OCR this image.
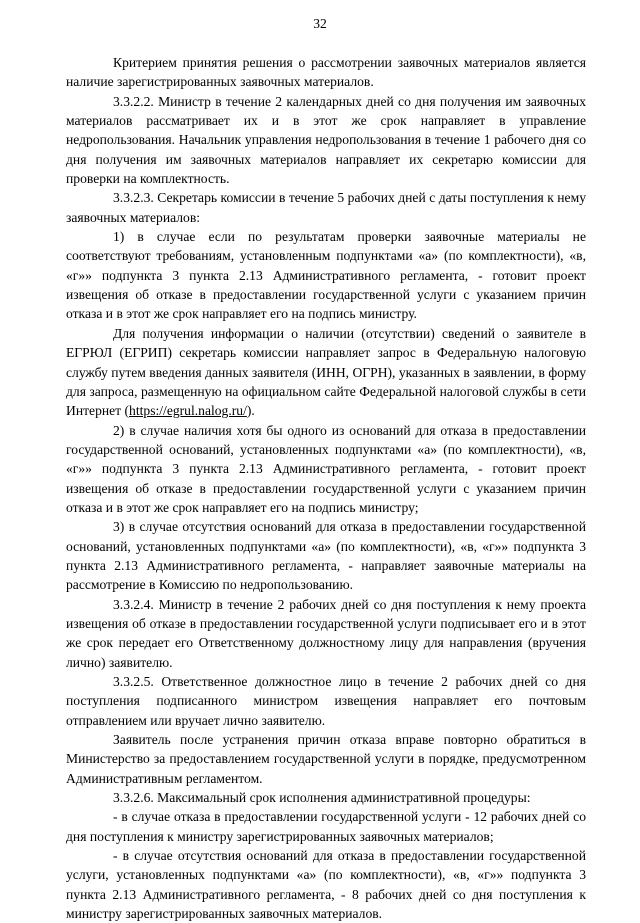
32

Критерием принятия решения о рассмотрении заявочных материалов является наличие зарегистрированных заявочных материалов.

3.3.2.2. Министр в течение 2 календарных дней со дня получения им заявочных материалов рассматривает их и в этот же срок направляет в управление недропользования. Начальник управления недропользования в течение 1 рабочего дня со дня получения им заявочных материалов направляет их секретарю комиссии для проверки на комплектность.

3.3.2.3. Секретарь комиссии в течение 5 рабочих дней с даты поступления к нему заявочных материалов:

1) в случае если по результатам проверки заявочные материалы не соответствуют требованиям, установленным подпунктами «а» (по комплектности), «в, «г»» подпункта 3 пункта 2.13 Административного регламента, - готовит проект извещения об отказе в предоставлении государственной услуги с указанием причин отказа и в этот же срок направляет его на подпись министру.

Для получения информации о наличии (отсутствии) сведений о заявителе в ЕГРЮЛ (ЕГРИП) секретарь комиссии направляет запрос в Федеральную налоговую службу путем введения данных заявителя (ИНН, ОГРН), указанных в заявлении, в форму для запроса, размещенную на официальном сайте Федеральной налоговой службы в сети Интернет (https://egrul.nalog.ru/).

2) в случае наличия хотя бы одного из оснований для отказа в предоставлении государственной оснований, установленных подпунктами «а» (по комплектности), «в, «г»» подпункта 3 пункта 2.13 Административного регламента, - готовит проект извещения об отказе в предоставлении государственной услуги с указанием причин отказа и в этот же срок направляет его на подпись министру;

3) в случае отсутствия оснований для отказа в предоставлении государственной оснований, установленных подпунктами «а» (по комплектности), «в, «г»» подпункта 3 пункта 2.13 Административного регламента, - направляет заявочные материалы на рассмотрение в Комиссию по недропользованию.

3.3.2.4. Министр в течение 2 рабочих дней со дня поступления к нему проекта извещения об отказе в предоставлении государственной услуги подписывает его и в этот же срок передает его Ответственному должностному лицу для направления (вручения лично) заявителю.

3.3.2.5. Ответственное должностное лицо в течение 2 рабочих дней со дня поступления подписанного министром извещения направляет его почтовым отправлением или вручает лично заявителю.

Заявитель после устранения причин отказа вправе повторно обратиться в Министерство за предоставлением государственной услуги в порядке, предусмотренном Административным регламентом.

3.3.2.6. Максимальный срок исполнения административной процедуры:

- в случае отказа в предоставлении государственной услуги - 12 рабочих дней со дня поступления к министру зарегистрированных заявочных материалов;

- в случае отсутствия оснований для отказа в предоставлении государственной услуги, установленных подпунктами «а» (по комплектности), «в, «г»» подпункта 3 пункта 2.13 Административного регламента, - 8 рабочих дней со дня поступления к министру зарегистрированных заявочных материалов.
